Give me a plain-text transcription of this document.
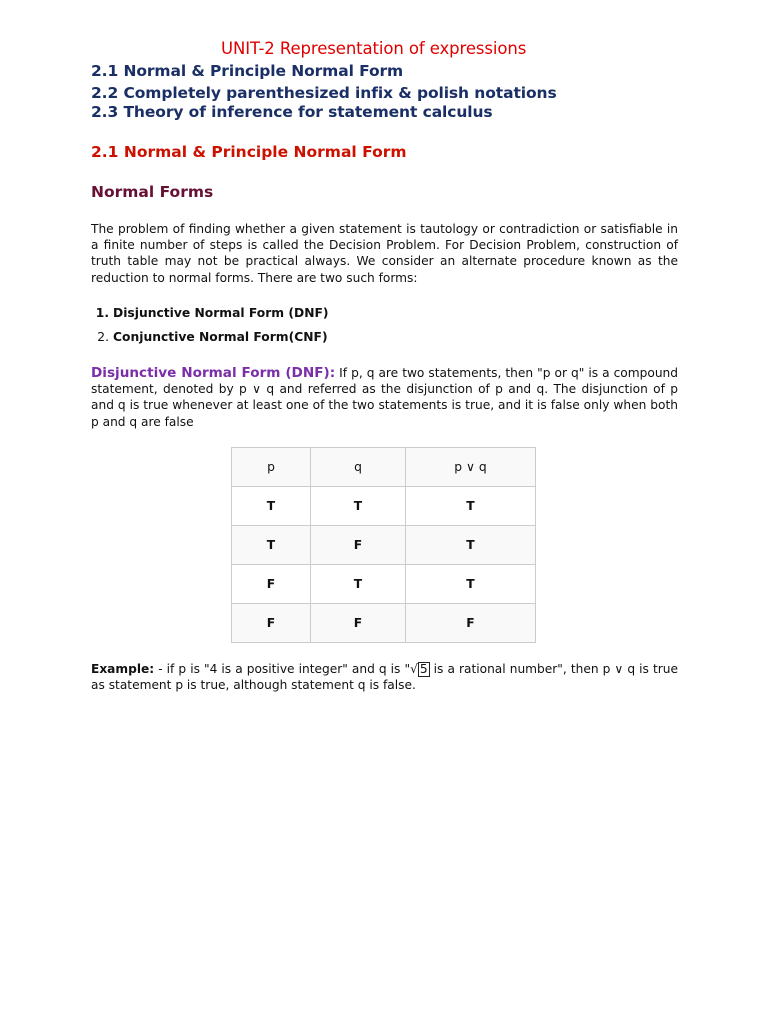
UNIT-2 Representation of expressions
2.1 Normal & Principle Normal Form
2.2 Completely parenthesized infix & polish notations
2.3 Theory of inference for statement calculus
2.1 Normal & Principle Normal Form
Normal Forms

The problem of finding whether a given statement is tautology or contradiction or satisfiable in a finite number of steps is called the Decision Problem. For Decision Problem, construction of truth table may not be practical always. We consider an alternate procedure known as the reduction to normal forms. There are two such forms:

1. Disjunctive Normal Form (DNF)
2. Conjunctive Normal Form(CNF)

Disjunctive Normal Form (DNF): If p, q are two statements, then "p or q" is a compound statement, denoted by p ∨ q and referred as the disjunction of p and q. The disjunction of p and q is true whenever at least one of the two statements is true, and it is false only when both p and q are false

p	q	p ∨ q
T	T	T
T	F	T
F	T	T
F	F	F

Example: - if p is "4 is a positive integer" and q is "√ 5 is a rational number", then p ∨ q is true as statement p is true, although statement q is false.
